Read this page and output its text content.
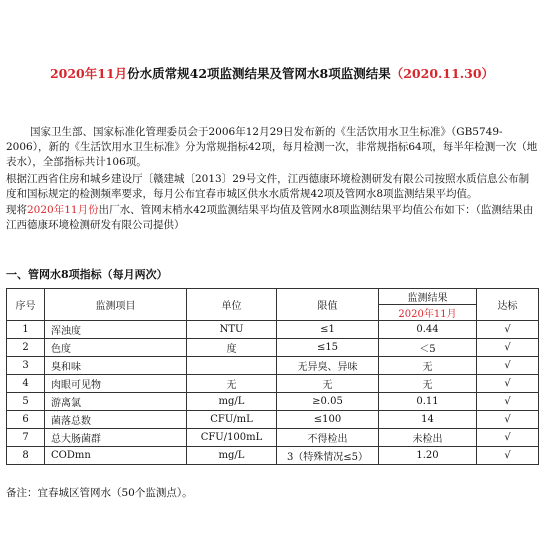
2020年11月份水质常规42项监测结果及管网水8项监测结果（2020.11.30）
国家卫生部、国家标准化管理委员会于2006年12月29日发布新的《生活饮用水卫生标准》（GB5749-2006），新的《生活饮用水卫生标准》分为常规指标42项，每月检测一次，非常规指标64项，每半年检测一次（地表水），全部指标共计106项。
根据江西省住房和城乡建设厅〔赣建城〔2013〕29号文件，江西德康环境检测研发有限公司按照水质信息公布制度和国标规定的检测频率要求，每月公布宜春市城区供水水质常规42项及管网水8项监测结果平均值。
现将2020年11月份出厂水、管网末梢水42项监测结果平均值及管网水8项监测结果平均值公布如下：（监测结果由江西德康环境检测研发有限公司提供）
一、管网水8项指标（每月两次）
序号	监测项目	单位	限值	监测结果	达标
				2020年11月	
1	浑浊度	NTU	≤1	0.44	√
2	色度	度	≤15	＜5	√
3	臭和味		无异臭、异味	无	√
4	肉眼可见物	无	无	无	√
5	游离氯	mg/L	≥0.05	0.11	√
6	菌落总数	CFU/mL	≤100	14	√
7	总大肠菌群	CFU/100mL	不得检出	未检出	√
8	CODmn	mg/L	3（特殊情况≤5）	1.20	√
备注：宜春城区管网水（50个监测点）。
